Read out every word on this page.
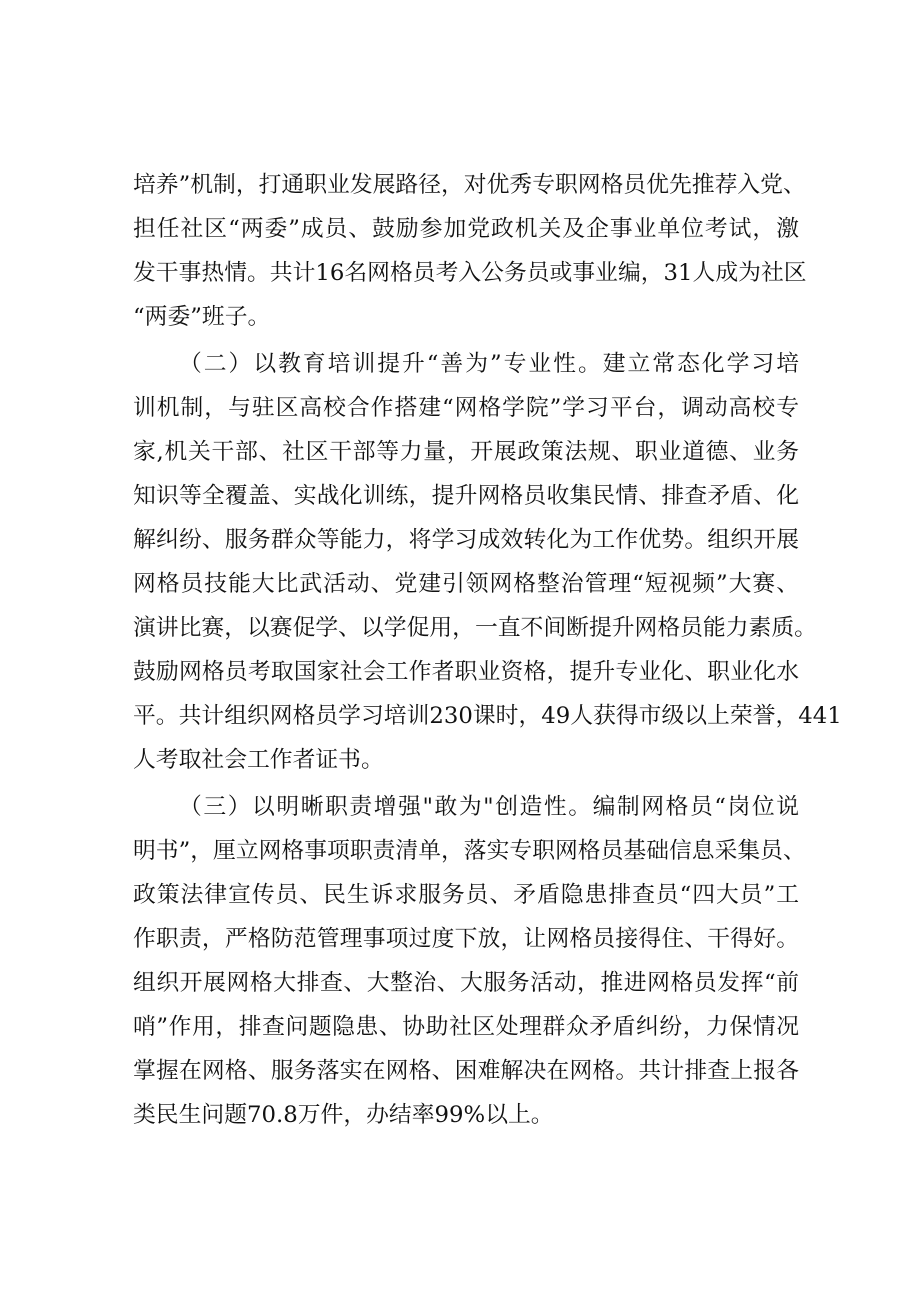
培养”机制，打通职业发展路径，对优秀专职网格员优先推荐入党、
担任社区“两委”成员、鼓励参加党政机关及企事业单位考试，激
发干事热情。共计16名网格员考入公务员或事业编，31人成为社区
“两委”班子。
（二）以教育培训提升“善为”专业性。建立常态化学习培
训机制，与驻区高校合作搭建“网格学院”学习平台，调动高校专
家,机关干部、社区干部等力量，开展政策法规、职业道德、业务
知识等全覆盖、实战化训练，提升网格员收集民情、排查矛盾、化
解纠纷、服务群众等能力，将学习成效转化为工作优势。组织开展
网格员技能大比武活动、党建引领网格整治管理“短视频”大赛、
演讲比赛，以赛促学、以学促用，一直不间断提升网格员能力素质。
鼓励网格员考取国家社会工作者职业资格，提升专业化、职业化水
平。共计组织网格员学习培训230课时，49人获得市级以上荣誉，441
人考取社会工作者证书。
（三）以明晰职责增强"敢为"创造性。编制网格员“岗位说
明书”，厘立网格事项职责清单，落实专职网格员基础信息采集员、
政策法律宣传员、民生诉求服务员、矛盾隐患排查员“四大员”工
作职责，严格防范管理事项过度下放，让网格员接得住、干得好。
组织开展网格大排查、大整治、大服务活动，推进网格员发挥“前
哨”作用，排查问题隐患、协助社区处理群众矛盾纠纷，力保情况
掌握在网格、服务落实在网格、困难解决在网格。共计排查上报各
类民生问题70.8万件，办结率99%以上。
